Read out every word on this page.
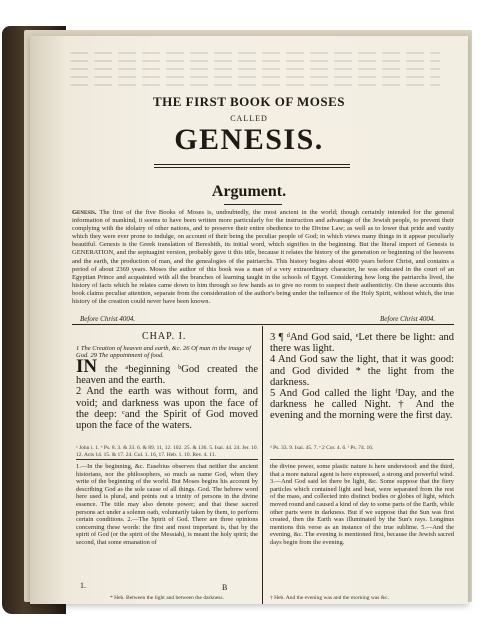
THE FIRST BOOK OF MOSES
CALLED
GENESIS.
Argument.
Genesis. The first of the five Books of Moses is, undoubtedly, the most ancient in the world; though certainly intended for the general information of mankind, it seems to have been written more particularly for the instruction and advantage of the Jewish people, to prevent their complying with the idolatry of other nations, and to preserve their entire obedience to the Divine Law; as well as to lower that pride and vanity which they were ever prone to indulge, on account of their being the peculiar people of God; in which views many things in it appear peculiarly beautiful. Genesis is the Greek translation of Bereshith, its initial word, which signifies in the beginning. But the literal import of Genesis is GENERATION, and the septuagint version, probably gave it this title, because it relates the history of the generation or beginning of the heavens and the earth, the production of man, and the genealogies of the patriarchs. This history begins about 4000 years before Christ, and contains a period of about 2369 years. Moses the author of this book was a man of a very extraordinary character, he was educated in the court of an Egyptian Prince and acquainted with all the branches of learning taught in the schools of Egypt. Considering how long the patriarchs lived, the history of facts which he relates came down to him through so few hands as to give no room to suspect their authenticity. On these accounts this book claims peculiar attention, separate from the consideration of the author's being under the influence of the Holy Spirit, without which, the true history of the creation could never have been known.
Before Christ 4004.	Before Christ 4004.
CHAP. I.
1 The Creation of heaven and earth, &c. 26 Of man in the image of God. 29 The appointment of food.
IN the ᵃbeginning ᵇGod created the heaven and the earth.
2 And the earth was without form, and void; and darkness was upon the face of the deep: ᶜand the Spirit of God moved upon the face of the waters.
3 ¶ ᵈAnd God said, ᵉLet there be light: and there was light.
4 And God saw the light, that it was good: and God divided * the light from the darkness.
5 And God called the light ᶠDay, and the darkness he called Night. † And the evening and the morning were the first day.
ᵃ John i. 1. ᵇ Ps. 8. 3. & 33. 6. & 89. 11, 12. 102. 25. & 136. 5. Isai. 44. 24. Jer. 10. 12. Acts 14. 15. & 17. 24. Col. 1. 16, 17. Heb. 1. 10. Rev. 4. 11.
ᵈ Ps. 33. 9. Isai. 45. 7. ᵉ 2 Cor. 4. 6. ᶠ Ps. 74. 16.
1.—In the beginning, &c. Eusebius observes that neither the ancient historians, nor the philosophers, so much as name God, when they write of the beginning of the world. But Moses begins his account by describing God as the sole cause of all things. God. The hebrew word here used is plural, and points out a trinity of persons in the divine essence. The title may also denote power; and that these sacred persons act under a solemn oath, voluntarily taken by them, to perform certain conditions. 2.—The Spirit of God. There are three opinions concerning these words: the first and most important is, that by the spirit of God (or the spirit of the Messiah), is meant the holy spirit; the second, that some emanation of
the divine power, some plastic nature is here understood: and the third, that a more natural agent is here expressed, a strong and powerful wind. 3.—And God said let there be light, &c. Some suppose that the fiery particles which contained light and heat, were separated from the rest of the mass, and collected into distinct bodies or globes of light, which moved round and caused a kind of day to some parts of the Earth, while other parts were in darkness. But if we suppose that the Sun was first created, then the Earth was illuminated by the Sun's rays. Longinus mentions this verse as an instance of the true sublime. 5.—And the evening, &c. The evening is mentioned first, because the Jewish sacred days begin from the evening.
* Heb. Between the light and between the darkness.	† Heb. And the evening was and the morning was &c.
1.	B
